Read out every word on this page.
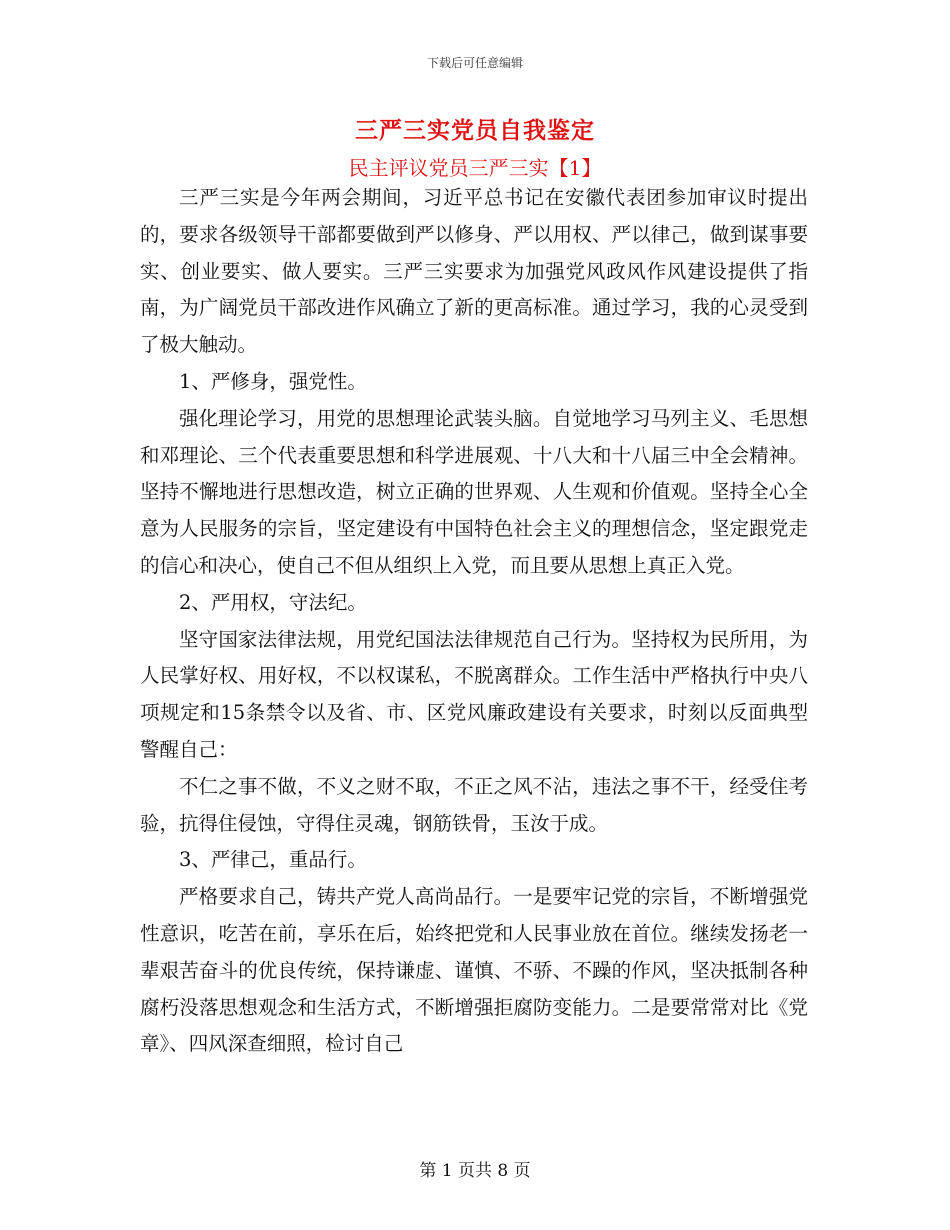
下载后可任意编辑
三严三实党员自我鉴定
民主评议党员三严三实【1】

三严三实是今年两会期间，习近平总书记在安徽代表团参加审议时提出的，要求各级领导干部都要做到严以修身、严以用权、严以律己，做到谋事要实、创业要实、做人要实。三严三实要求为加强党风政风作风建设提供了指南，为广阔党员干部改进作风确立了新的更高标准。通过学习，我的心灵受到了极大触动。

1、严修身，强党性。

强化理论学习，用党的思想理论武装头脑。自觉地学习马列主义、毛思想和邓理论、三个代表重要思想和科学进展观、十八大和十八届三中全会精神。坚持不懈地进行思想改造，树立正确的世界观、人生观和价值观。坚持全心全意为人民服务的宗旨，坚定建设有中国特色社会主义的理想信念，坚定跟党走的信心和决心，使自己不但从组织上入党，而且要从思想上真正入党。

2、严用权，守法纪。

坚守国家法律法规，用党纪国法法律规范自己行为。坚持权为民所用，为人民掌好权、用好权，不以权谋私，不脱离群众。工作生活中严格执行中央八项规定和15条禁令以及省、市、区党风廉政建设有关要求，时刻以反面典型警醒自己：

不仁之事不做，不义之财不取，不正之风不沾，违法之事不干，经受住考验，抗得住侵蚀，守得住灵魂，钢筋铁骨，玉汝于成。

3、严律己，重品行。

严格要求自己，铸共产党人高尚品行。一是要牢记党的宗旨，不断增强党性意识，吃苦在前，享乐在后，始终把党和人民事业放在首位。继续发扬老一辈艰苦奋斗的优良传统，保持谦虚、谨慎、不骄、不躁的作风，坚决抵制各种腐朽没落思想观念和生活方式，不断增强拒腐防变能力。二是要常常对比《党章》、四风深查细照，检讨自己

第 1 页共 8 页
